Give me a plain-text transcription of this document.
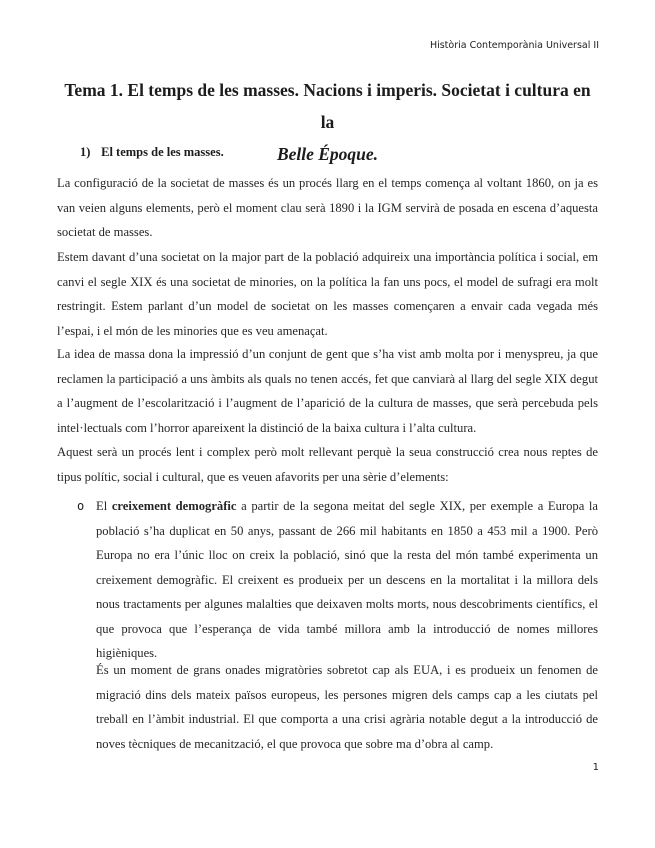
Història Contemporània Universal II
Tema 1. El temps de les masses. Nacions i imperis. Societat i cultura en la
Belle Époque.
1) El temps de les masses.

La configuració de la societat de masses és un procés llarg en el temps comença al voltant 1860, on ja es van veien alguns elements, però el moment clau serà 1890 i la IGM servirà de posada en escena d’aquesta societat de masses.

Estem davant d’una societat on la major part de la població adquireix una importància política i social, em canvi el segle XIX és una societat de minories, on la política la fan uns pocs, el model de sufragi era molt restringit. Estem parlant d’un model de societat on les masses començaren a envair cada vegada més l’espai, i el món de les minories que es veu amenaçat.

La idea de massa dona la impressió d’un conjunt de gent que s’ha vist amb molta por i menyspreu, ja que reclamen la participació a uns àmbits als quals no tenen accés, fet que canviarà al llarg del segle XIX degut a l’augment de l’escolarització i l’augment de l’aparició de la cultura de masses, que serà percebuda pels intel·lectuals com l’horror apareixent la distinció de la baixa cultura i l’alta cultura.

Aquest serà un procés lent i complex però molt rellevant perquè la seua construcció crea nous reptes de tipus polític, social i cultural, que es veuen afavorits per una sèrie d’elements:

o El creixement demogràfic a partir de la segona meitat del segle XIX, per exemple a Europa la població s’ha duplicat en 50 anys, passant de 266 mil habitants en 1850 a 453 mil a 1900. Però Europa no era l’únic lloc on creix la població, sinó que la resta del món també experimenta un creixement demogràfic. El creixent es produeix per un descens en la mortalitat i la millora dels nous tractaments per algunes malalties que deixaven molts morts, nous descobriments científics, el que provoca que l’esperança de vida també millora amb la introducció de nomes millores higièniques.

És un moment de grans onades migratòries sobretot cap als EUA, i es produeix un fenomen de migració dins dels mateix països europeus, les persones migren dels camps cap a les ciutats pel treball en l’àmbit industrial. El que comporta a una crisi agrària notable degut a la introducció de noves tècniques de mecanització, el que provoca que sobre ma d’obra al camp.

1
